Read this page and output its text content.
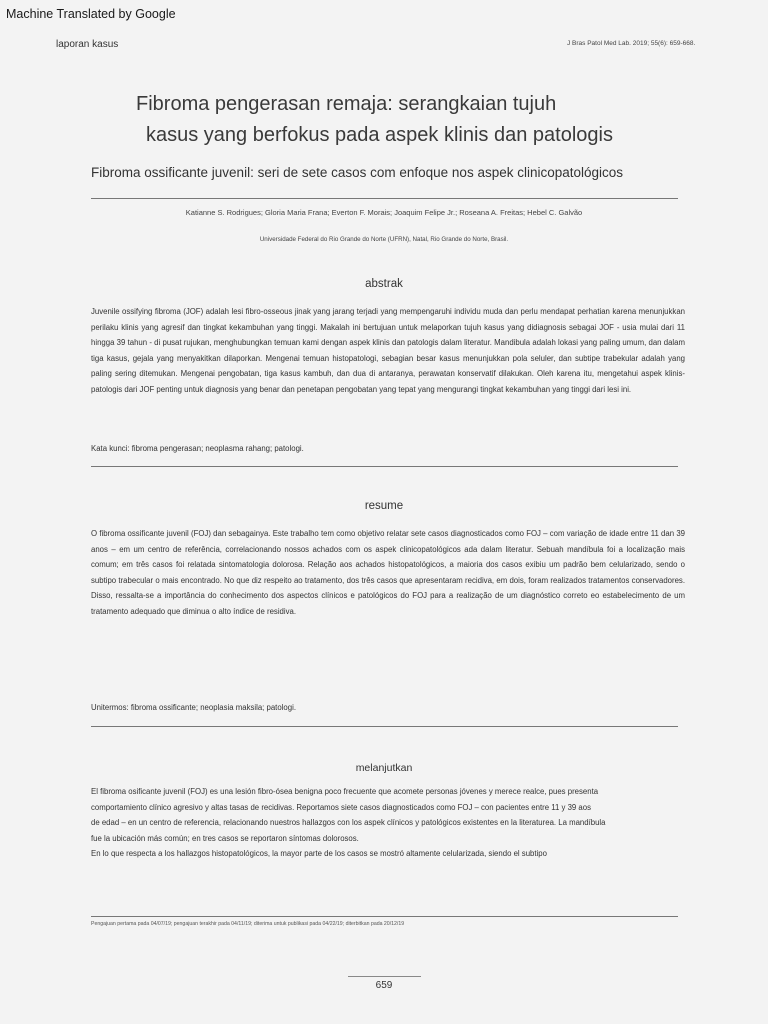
Machine Translated by Google
laporan kasus	J Bras Patol Med Lab. 2019; 55(6): 659-668.
Fibroma pengerasan remaja: serangkaian tujuh
kasus yang berfokus pada aspek klinis dan patologis
Fibroma ossificante juvenil: seri de sete casos com enfoque nos aspek clinicopatológicos
Katianne S. Rodrigues; Gloria Maria Frana; Everton F. Morais; Joaquim Felipe Jr.; Roseana A. Freitas; Hebel C. Galvão
Universidade Federal do Rio Grande do Norte (UFRN), Natal, Rio Grande do Norte, Brasil.
abstrak
Juvenile ossifying fibroma (JOF) adalah lesi fibro-osseous jinak yang jarang terjadi yang mempengaruhi individu muda dan perlu mendapat perhatian karena menunjukkan perilaku klinis yang agresif dan tingkat kekambuhan yang tinggi. Makalah ini bertujuan untuk melaporkan tujuh kasus yang didiagnosis sebagai JOF - usia mulai dari 11 hingga 39 tahun - di pusat rujukan, menghubungkan temuan kami dengan aspek klinis dan patologis dalam literatur. Mandibula adalah lokasi yang paling umum, dan dalam tiga kasus, gejala yang menyakitkan dilaporkan. Mengenai temuan histopatologi, sebagian besar kasus menunjukkan pola seluler, dan subtipe trabekular adalah yang paling sering ditemukan. Mengenai pengobatan, tiga kasus kambuh, dan dua di antaranya, perawatan konservatif dilakukan. Oleh karena itu, mengetahui aspek klinis-patologis dari JOF penting untuk diagnosis yang benar dan penetapan pengobatan yang tepat yang mengurangi tingkat kekambuhan yang tinggi dari lesi ini.
Kata kunci: fibroma pengerasan; neoplasma rahang; patologi.
resume
O fibroma ossificante juvenil (FOJ) dan sebagainya. Este trabalho tem como objetivo relatar sete casos diagnosticados como FOJ – com variação de idade entre 11 dan 39 anos – em um centro de referência, correlacionando nossos achados com os aspek clinicopatológicos ada dalam literatur. Sebuah mandíbula foi a localização mais comum; em três casos foi relatada sintomatologia dolorosa. Relação aos achados histopatológicos, a maioria dos casos exibiu um padrão bem celularizado, sendo o subtipo trabecular o mais encontrado. No que diz respeito ao tratamento, dos três casos que apresentaram recidiva, em dois, foram realizados tratamentos conservadores. Disso, ressalta-se a importância do conhecimento dos aspectos clínicos e patológicos do FOJ para a realização de um diagnóstico correto eo estabelecimento de um tratamento adequado que diminua o alto índice de residiva.
Unitermos: fibroma ossificante; neoplasia maksila; patologi.
melanjutkan
El fibroma osificante juvenil (FOJ) es una lesión fibro-ósea benigna poco frecuente que acomete personas jóvenes y merece realce, pues presenta
comportamiento clínico agresivo y altas tasas de recidivas. Reportamos siete casos diagnosticados como FOJ – con pacientes entre 11 y 39 aos
de edad – en un centro de referencia, relacionando nuestros hallazgos con los aspek clínicos y patológicos existentes en la literaturea. La mandíbula
fue la ubicación más común; en tres casos se reportaron síntomas dolorosos.
En lo que respecta a los hallazgos histopatológicos, la mayor parte de los casos se mostró altamente celularizada, siendo el subtipo
Pengajuan pertama pada 04/07/19; pengajuan terakhir pada 04/11/19; diterima untuk publikasi pada 04/22/19; diterbitkan pada 20/12/19
659
